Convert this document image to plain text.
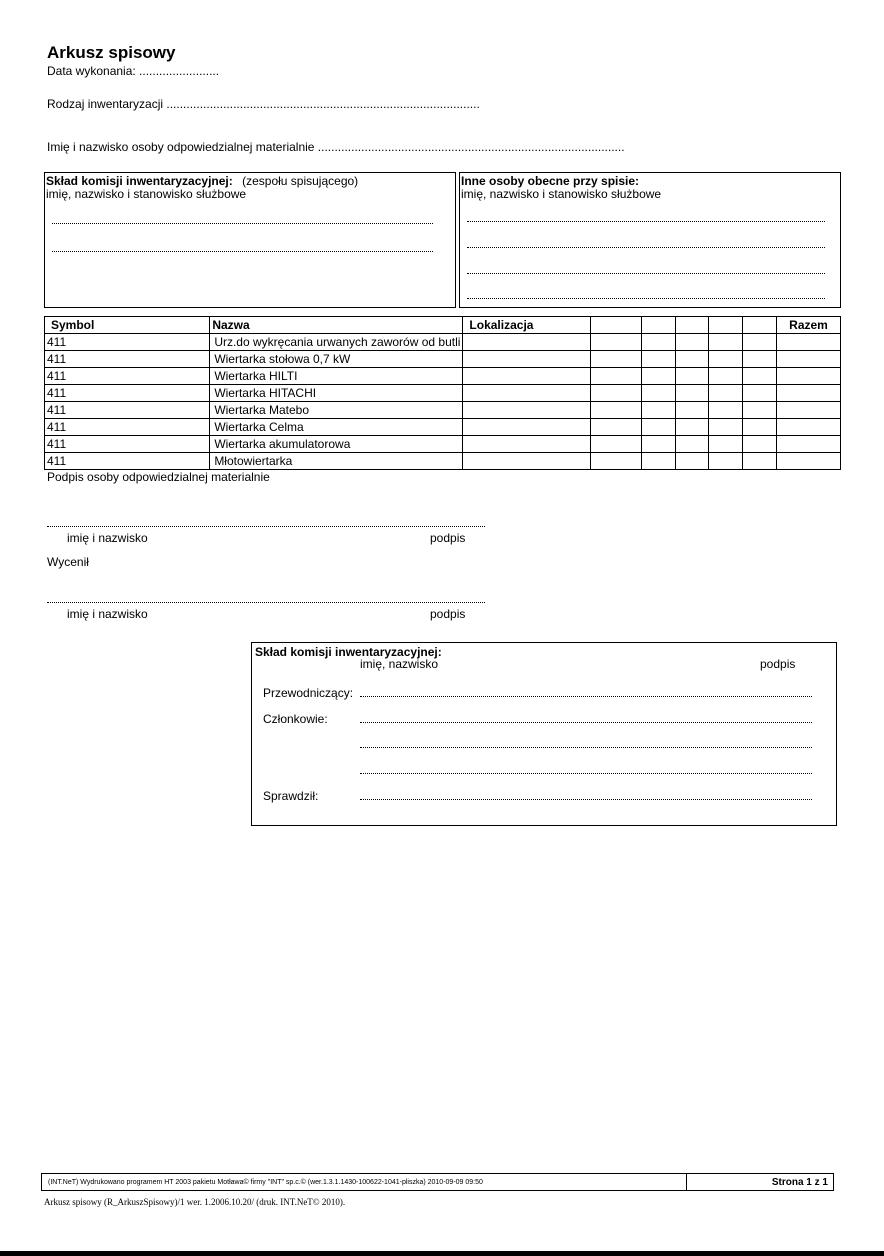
Arkusz spisowy
Data wykonania: ........................
Rodzaj inwentaryzacji ..............................................................................................
Imię i nazwisko osoby odpowiedzialnej materialnie ............................................................................................
Skład komisji inwentaryzacyjnej: (zespołu spisującego)
imię, nazwisko i stanowisko służbowe
Inne osoby obecne przy spisie:
imię, nazwisko i stanowisko służbowe
Symbol	Nazwa	Lokalizacja						Razem
411	Urz.do wykręcania urwanych zaworów od butli							
411	Wiertarka stołowa 0,7 kW							
411	Wiertarka HILTI							
411	Wiertarka HITACHI							
411	Wiertarka Matebo							
411	Wiertarka Celma							
411	Wiertarka akumulatorowa							
411	Młotowiertarka							
Podpis osoby odpowiedzialnej materialnie
imię i nazwisko	podpis
Wycenił
imię i nazwisko	podpis
Skład komisji inwentaryzacyjnej:
imię, nazwisko	podpis
Przewodniczący:
Członkowie:
Sprawdził:
(INT.NeT) Wydrukowano programem HT 2003 pakietu Motława© firmy "INT" sp.c.© (wer.1.3.1.1430-100622-1041-pliszka) 2010-09-09 09:50	Strona 1 z 1
Arkusz spisowy (R_ArkuszSpisowy)/1 wer. 1.2006.10.20/ (druk. INT.NeT© 2010).
